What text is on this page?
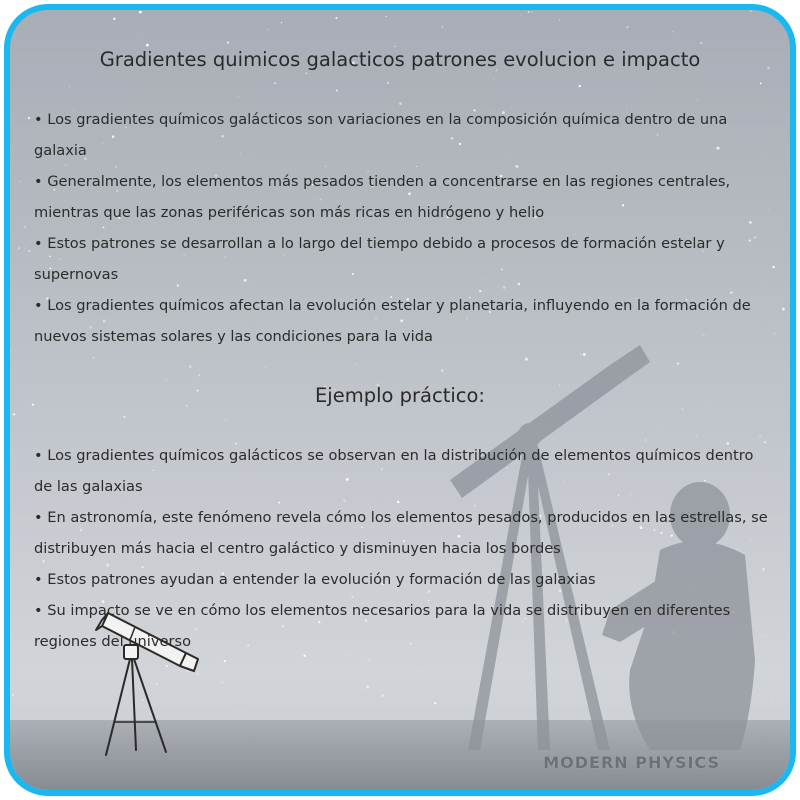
Gradientes quimicos galacticos patrones evolucion e impacto
• Los gradientes químicos galácticos son variaciones en la composición química dentro de una galaxia
• Generalmente, los elementos más pesados tienden a concentrarse en las regiones centrales, mientras que las zonas periféricas son más ricas en hidrógeno y helio
• Estos patrones se desarrollan a lo largo del tiempo debido a procesos de formación estelar y supernovas
• Los gradientes químicos afectan la evolución estelar y planetaria, influyendo en la formación de nuevos sistemas solares y las condiciones para la vida
Ejemplo práctico:
• Los gradientes químicos galácticos se observan en la distribución de elementos químicos dentro de las galaxias
• En astronomía, este fenómeno revela cómo los elementos pesados, producidos en las estrellas, se distribuyen más hacia el centro galáctico y disminuyen hacia los bordes
• Estos patrones ayudan a entender la evolución y formación de las galaxias
• Su impacto se ve en cómo los elementos necesarios para la vida se distribuyen en diferentes regiones del universo
MODERN PHYSICS
